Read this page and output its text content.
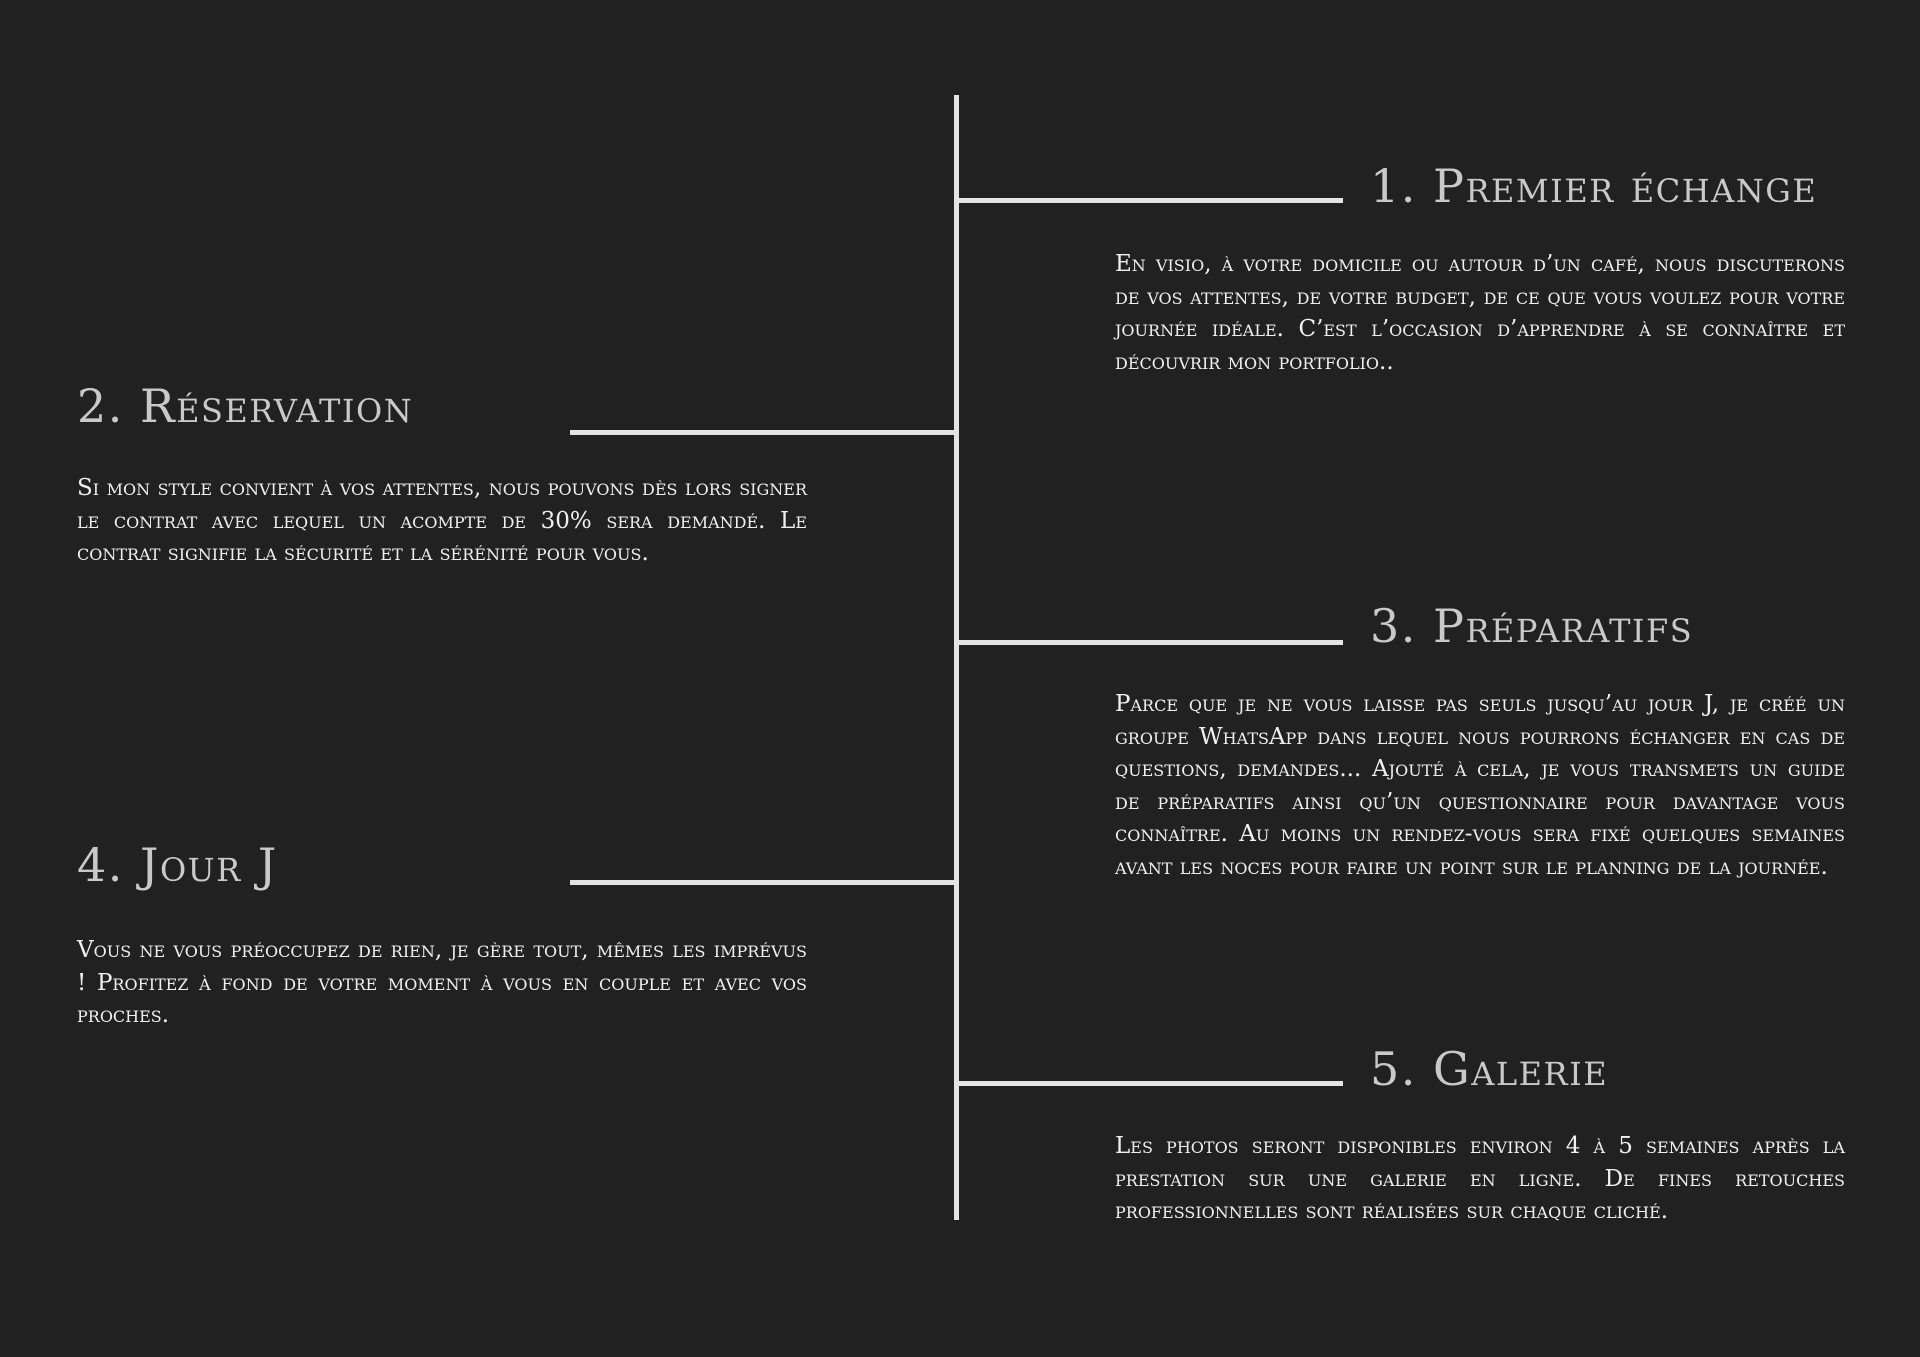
1. Premier échange

En visio, à votre domicile ou autour d’un café, nous discuterons de vos attentes, de votre budget, de ce que vous voulez pour votre journée idéale. C’est l’occasion d’apprendre à se connaître et découvrir mon portfolio..

2. Réservation

Si mon style convient à vos attentes, nous pouvons dès lors signer le contrat avec lequel un acompte de 30% sera demandé. Le contrat signifie la sécurité et la sérénité pour vous.

3. Préparatifs

Parce que je ne vous laisse pas seuls jusqu’au jour J, je créé un groupe WhatsApp dans lequel nous pourrons échanger en cas de questions, demandes... Ajouté à cela, je vous transmets un guide de préparatifs ainsi qu’un questionnaire pour davantage vous connaître. Au moins un rendez-vous sera fixé quelques semaines avant les noces pour faire un point sur le planning de la journée.

4. Jour J

Vous ne vous préoccupez de rien, je gère tout, mêmes les imprévus ! Profitez à fond de votre moment à vous en couple et avec vos proches.

5. Galerie

Les photos seront disponibles environ 4 à 5 semaines après la prestation sur une galerie en ligne. De fines retouches professionnelles sont réalisées sur chaque cliché.
